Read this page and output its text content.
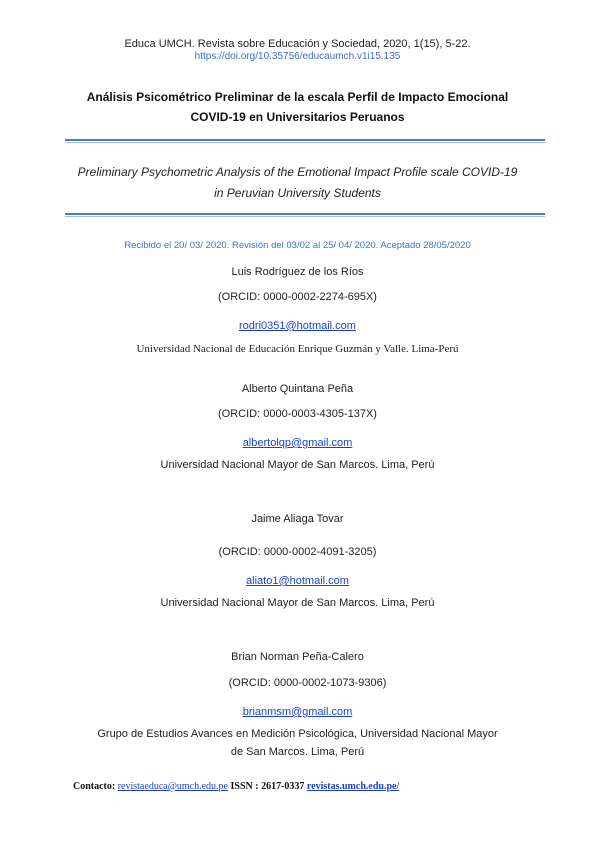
Educa UMCH. Revista sobre Educación y Sociedad, 2020, 1(15), 5-22.
https://doi.org/10.35756/educaumch.v1i15.135
Análisis Psicométrico Preliminar de la escala Perfil de Impacto Emocional
COVID-19 en Universitarios Peruanos
Preliminary Psychometric Analysis of the Emotional Impact Profile scale COVID-19
in Peruvian University Students
Recibido el 20/ 03/ 2020. Revisión del 03/02 al 25/ 04/ 2020. Aceptado 28/05/2020
Luis Rodríguez de los Ríos
(ORCID: 0000-0002-2274-695X)
rodri0351@hotmail.com
Universidad Nacional de Educación Enrique Guzmán y Valle. Lima-Perú
Alberto Quintana Peña
(ORCID: 0000-0003-4305-137X)
albertolqp@gmail.com
Universidad Nacional Mayor de San Marcos. Lima, Perú
Jaime Aliaga Tovar
(ORCID: 0000-0002-4091-3205)
aliato1@hotmail.com
Universidad Nacional Mayor de San Marcos. Lima, Perú
Brian Norman Peña-Calero
(ORCID: 0000-0002-1073-9306)
brianmsm@gmail.com
Grupo de Estudios Avances en Medición Psicológica, Universidad Nacional Mayor
de San Marcos. Lima, Perú
Contacto: revistaeduca@umch.edu.pe ISSN : 2617-0337 revistas.umch.edu.pe/
